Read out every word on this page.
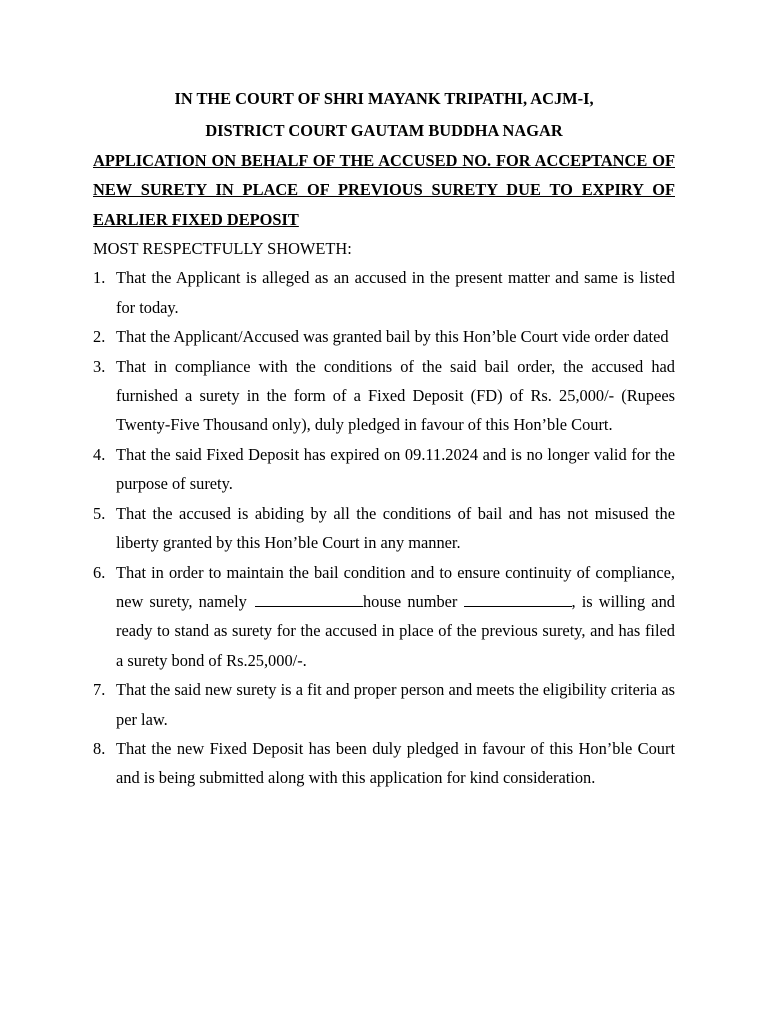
IN THE COURT OF SHRI MAYANK TRIPATHI, ACJM-I,

DISTRICT COURT GAUTAM BUDDHA NAGAR

APPLICATION ON BEHALF OF THE ACCUSED NO. FOR ACCEPTANCE OF NEW SURETY IN PLACE OF PREVIOUS SURETY DUE TO EXPIRY OF EARLIER FIXED DEPOSIT

MOST RESPECTFULLY SHOWETH:

1. That the Applicant is alleged as an accused in the present matter and same is listed for today.
2. That the Applicant/Accused was granted bail by this Hon’ble Court vide order dated
3. That in compliance with the conditions of the said bail order, the accused had furnished a surety in the form of a Fixed Deposit (FD) of Rs. 25,000/- (Rupees Twenty-Five Thousand only), duly pledged in favour of this Hon’ble Court.
4. That the said Fixed Deposit has expired on 09.11.2024 and is no longer valid for the purpose of surety.
5. That the accused is abiding by all the conditions of bail and has not misused the liberty granted by this Hon’ble Court in any manner.
6. That in order to maintain the bail condition and to ensure continuity of compliance, new surety, namely	house number	, is willing and ready to stand as surety for the accused in place of the previous surety, and has filed a surety bond of Rs.25,000/-.
7. That the said new surety is a fit and proper person and meets the eligibility criteria as per law.
8. That the new Fixed Deposit has been duly pledged in favour of this Hon’ble Court and is being submitted along with this application for kind consideration.
